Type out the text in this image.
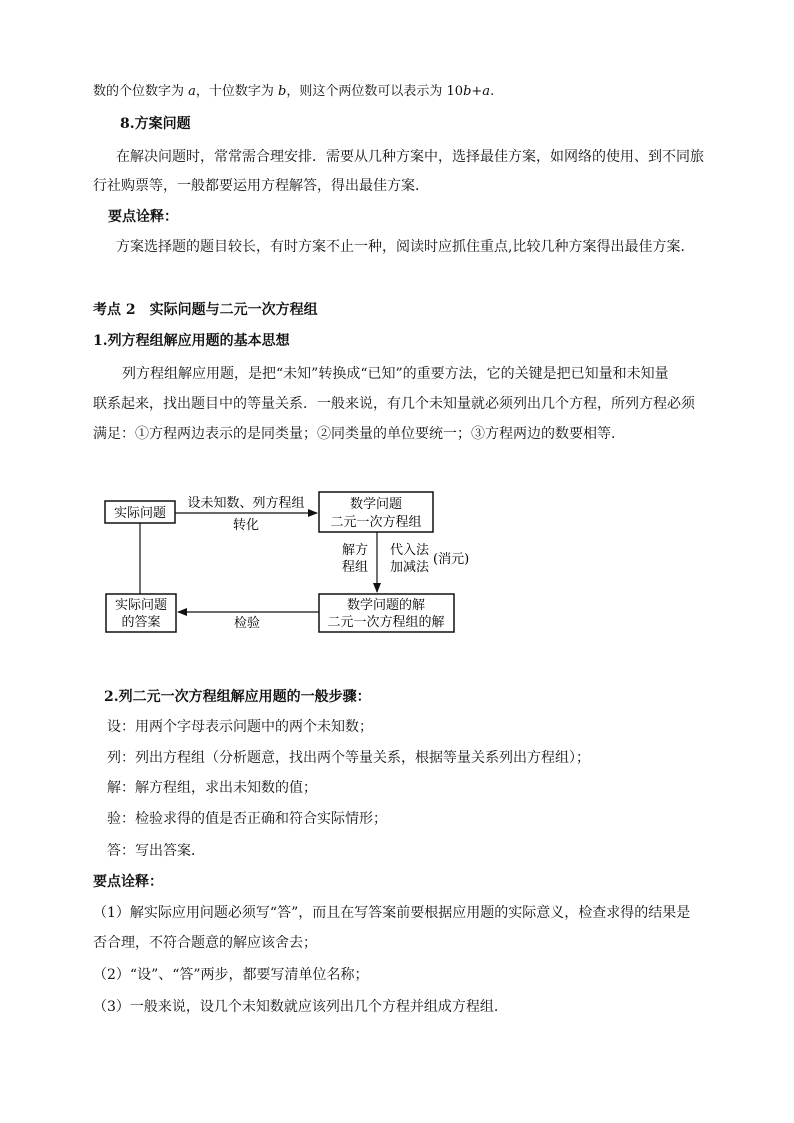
数的个位数字为 a，十位数字为 b，则这个两位数可以表示为 10b+a.
8.方案问题
在解决问题时，常常需合理安排．需要从几种方案中，选择最佳方案，如网络的使用、到不同旅
行社购票等，一般都要运用方程解答，得出最佳方案．
要点诠释：
方案选择题的题目较长，有时方案不止一种，阅读时应抓住重点,比较几种方案得出最佳方案．
考点 2　实际问题与二元一次方程组
1.列方程组解应用题的基本思想
列方程组解应用题，是把“未知”转换成“已知”的重要方法，它的关键是把已知量和未知量
联系起来，找出题目中的等量关系．一般来说，有几个未知量就必须列出几个方程，所列方程必须
满足：①方程两边表示的是同类量；②同类量的单位要统一；③方程两边的数要相等.
实际问题
数学问题
二元一次方程组
实际问题
的答案
数学问题的解
二元一次方程组的解
设未知数、列方程组
转化
解方
程组
代入法
加减法
(消元)
检验
2.列二元一次方程组解应用题的一般步骤：
设：用两个字母表示问题中的两个未知数；
列：列出方程组（分析题意，找出两个等量关系，根据等量关系列出方程组）；
解：解方程组，求出未知数的值；
验：检验求得的值是否正确和符合实际情形；
答：写出答案．
要点诠释：
（1）解实际应用问题必须写“答”，而且在写答案前要根据应用题的实际意义，检查求得的结果是
否合理，不符合题意的解应该舍去；
（2）“设”、“答”两步，都要写清单位名称；
（3）一般来说，设几个未知数就应该列出几个方程并组成方程组.
